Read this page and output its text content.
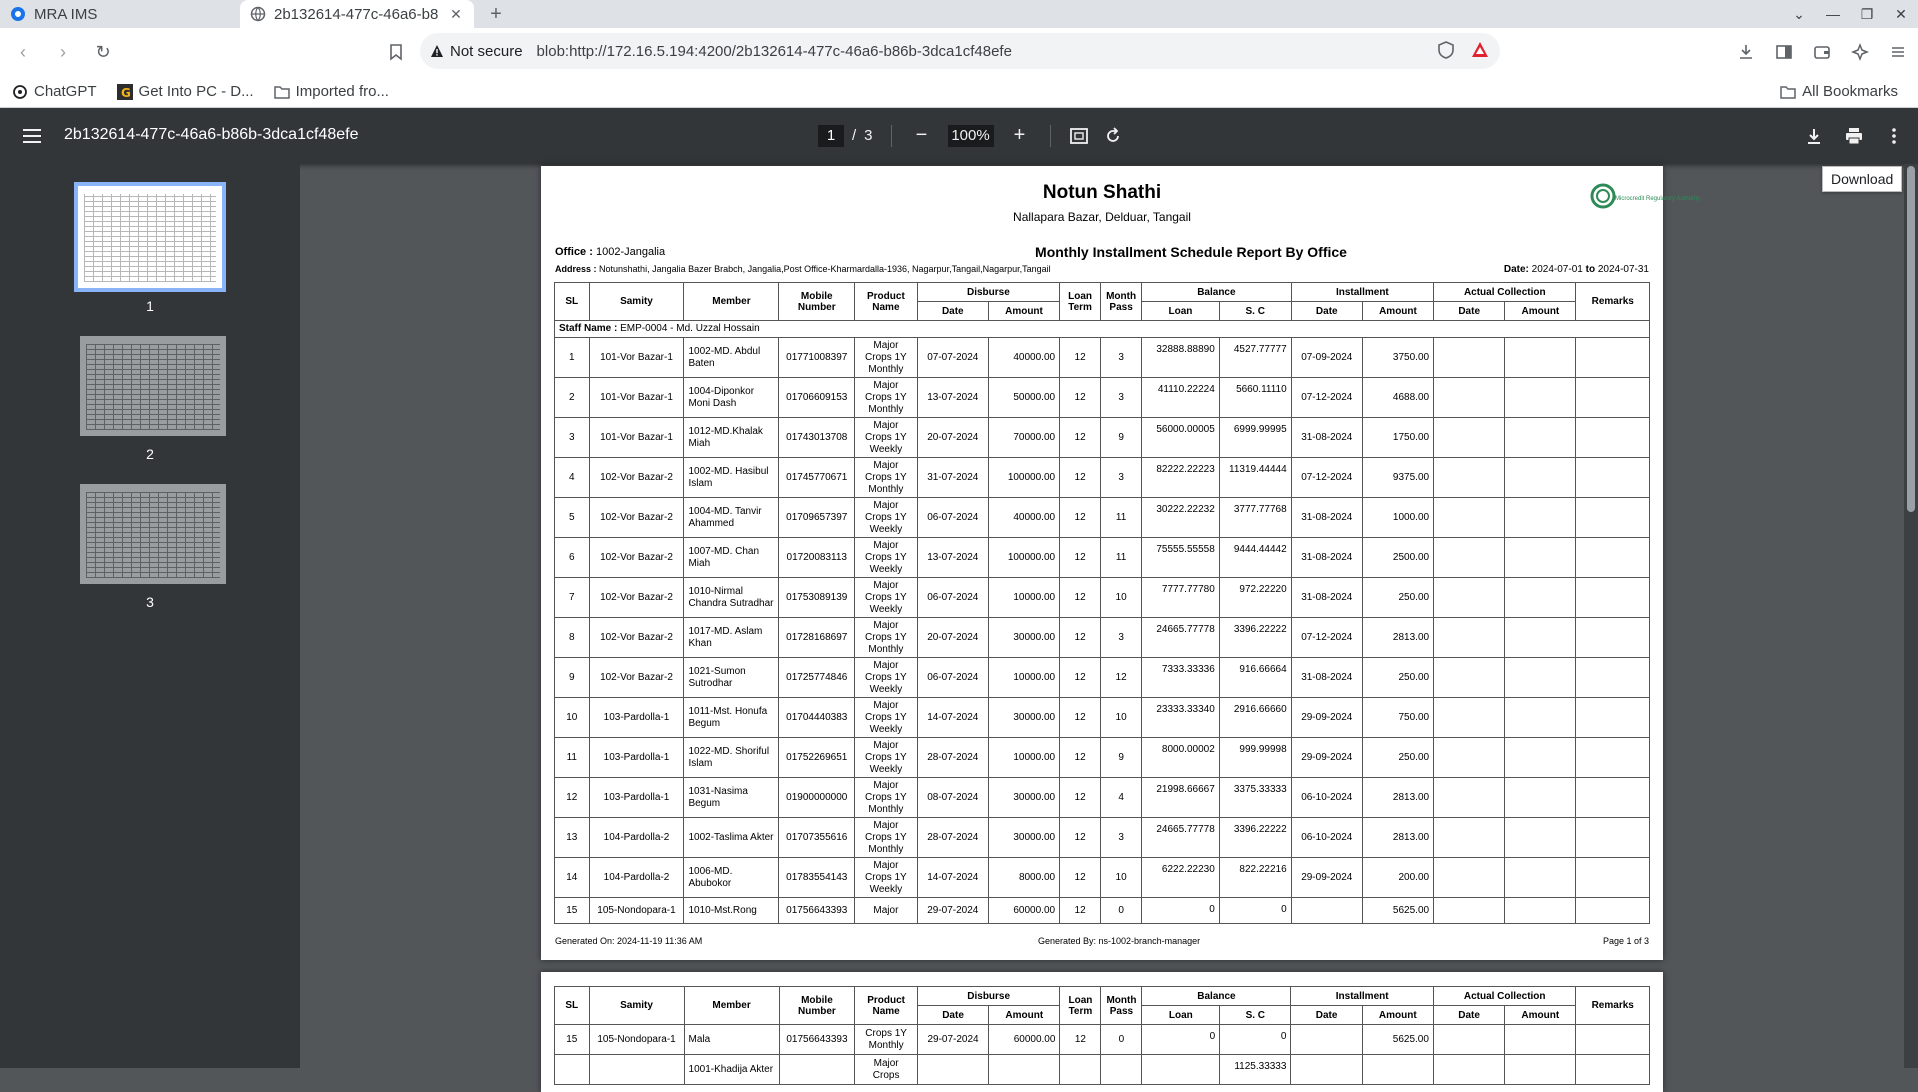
MRA IMS	2b132614-477c-46a6-b8 ✕	+	⌄	—	❐	✕
‹	›	↻	Not secure blob:http://172.16.5.194:4200/2b132614-477c-46a6-b86b-3dca1cf48efe
ChatGPT G Get Into PC - D...	Imported fro...	All Bookmarks
2b132614-477c-46a6-b86b-3dca1cf48efe	1	/ 3	−	100%	+
Download
1
2
3
Notun Shathi
Nallapara Bazar, Delduar, Tangail
Microcredit Regulatory Authority
Office : 1002-Jangalia	Monthly Installment Schedule Report By Office
Address : Notunshathi, Jangalia Bazer Brabch, Jangalia,Post Office-Kharmardalla-1936, Nagarpur,Tangail,Nagarpur,Tangail	Date: 2024-07-01 to 2024-07-31
SL	Samity	Member	Mobile Number	Product Name	Disburse		Loan Term	Month Pass	Balance		Installment		Actual Collection		Remarks
					Date	Amount			Loan	S. C	Date	Amount	Date	Amount	
Staff Name : EMP-0004 - Md. Uzzal Hossain															
1	101-Vor Bazar-1	1002-MD. Abdul Baten	01771008397	Major Crops 1Y Monthly	07-07-2024	40000.00	12	3	32888.88890	4527.77777	07-09-2024	3750.00			
2	101-Vor Bazar-1	1004-Diponkor Moni Dash	01706609153	Major Crops 1Y Monthly	13-07-2024	50000.00	12	3	41110.22224	5660.11110	07-12-2024	4688.00			
3	101-Vor Bazar-1	1012-MD.Khalak Miah	01743013708	Major Crops 1Y Weekly	20-07-2024	70000.00	12	9	56000.00005	6999.99995	31-08-2024	1750.00			
4	102-Vor Bazar-2	1002-MD. Hasibul Islam	01745770671	Major Crops 1Y Monthly	31-07-2024	100000.00	12	3	82222.22223	11319.44444	07-12-2024	9375.00			
5	102-Vor Bazar-2	1004-MD. Tanvir Ahammed	01709657397	Major Crops 1Y Weekly	06-07-2024	40000.00	12	11	30222.22232	3777.77768	31-08-2024	1000.00			
6	102-Vor Bazar-2	1007-MD. Chan Miah	01720083113	Major Crops 1Y Weekly	13-07-2024	100000.00	12	11	75555.55558	9444.44442	31-08-2024	2500.00			
7	102-Vor Bazar-2	1010-Nirmal Chandra Sutradhar	01753089139	Major Crops 1Y Weekly	06-07-2024	10000.00	12	10	7777.77780	972.22220	31-08-2024	250.00			
8	102-Vor Bazar-2	1017-MD. Aslam Khan	01728168697	Major Crops 1Y Monthly	20-07-2024	30000.00	12	3	24665.77778	3396.22222	07-12-2024	2813.00			
9	102-Vor Bazar-2	1021-Sumon Sutrodhar	01725774846	Major Crops 1Y Weekly	06-07-2024	10000.00	12	12	7333.33336	916.66664	31-08-2024	250.00			
10	103-Pardolla-1	1011-Mst. Honufa Begum	01704440383	Major Crops 1Y Weekly	14-07-2024	30000.00	12	10	23333.33340	2916.66660	29-09-2024	750.00			
11	103-Pardolla-1	1022-MD. Shoriful Islam	01752269651	Major Crops 1Y Weekly	28-07-2024	10000.00	12	9	8000.00002	999.99998	29-09-2024	250.00			
12	103-Pardolla-1	1031-Nasima Begum	01900000000	Major Crops 1Y Monthly	08-07-2024	30000.00	12	4	21998.66667	3375.33333	06-10-2024	2813.00			
13	104-Pardolla-2	1002-Taslima Akter	01707355616	Major Crops 1Y Monthly	28-07-2024	30000.00	12	3	24665.77778	3396.22222	06-10-2024	2813.00			
14	104-Pardolla-2	1006-MD. Abubokor	01783554143	Major Crops 1Y Weekly	14-07-2024	8000.00	12	10	6222.22230	822.22216	29-09-2024	200.00			
15	105-Nondopara-1	1010-Mst.Rong	01756643393	Major	29-07-2024	60000.00	12	0	0	0		5625.00			
Generated On: 2024-11-19 11:36 AM	Generated By: ns-1002-branch-manager	Page 1 of 3
SL	Samity	Member	Mobile Number	Product Name	Disburse		Loan Term	Month Pass	Balance		Installment		Actual Collection		Remarks
					Date	Amount			Loan	S. C	Date	Amount	Date	Amount	
15	105-Nondopara-1	Mala	01756643393	Crops 1Y Monthly	29-07-2024	60000.00	12	0	0	0		5625.00			
		1001-Khadija Akter		Major Crops						1125.33333					
